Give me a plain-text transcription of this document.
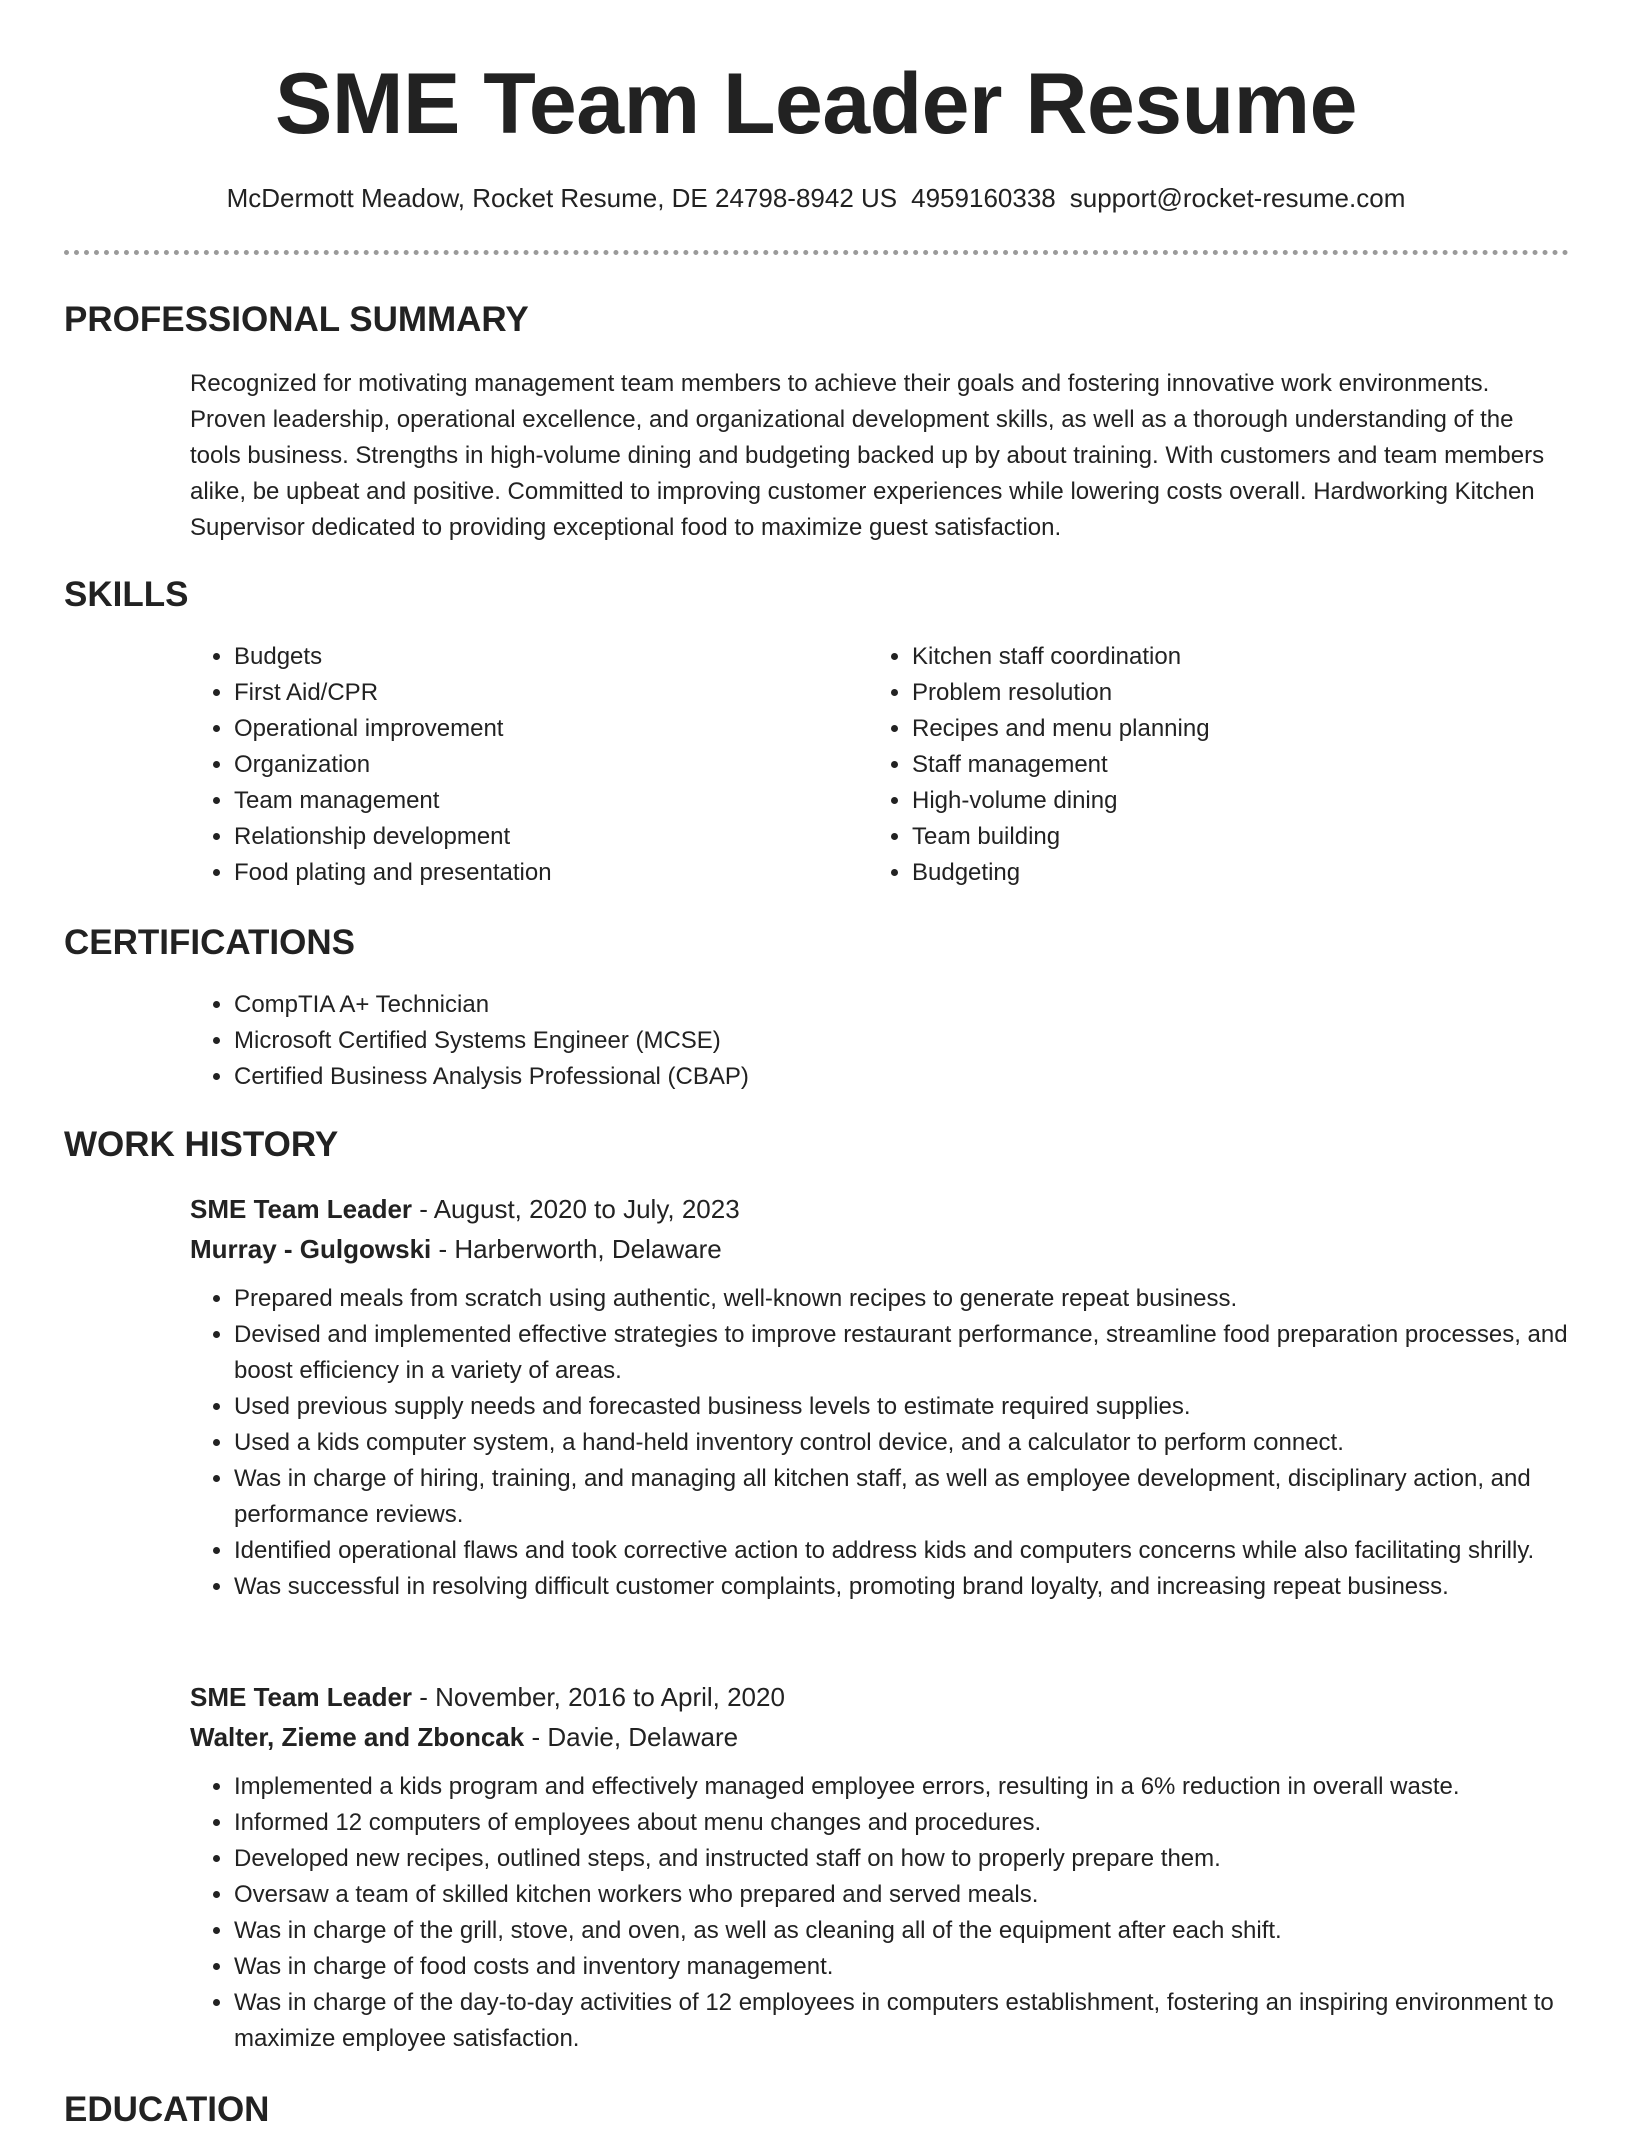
SME Team Leader Resume
McDermott Meadow, Rocket Resume, DE 24798-8942 US 4959160338 support@rocket-resume.com
PROFESSIONAL SUMMARY

Recognized for motivating management team members to achieve their goals and fostering innovative work environments. Proven leadership, operational excellence, and organizational development skills, as well as a thorough understanding of the tools business. Strengths in high-volume dining and budgeting backed up by about training. With customers and team members alike, be upbeat and positive. Committed to improving customer experiences while lowering costs overall. Hardworking Kitchen Supervisor dedicated to providing exceptional food to maximize guest satisfaction.

SKILLS
• Budgets
• First Aid/CPR
• Operational improvement
• Organization
• Team management
• Relationship development
• Food plating and presentation
• Kitchen staff coordination
• Problem resolution
• Recipes and menu planning
• Staff management
• High-volume dining
• Team building
• Budgeting
CERTIFICATIONS
• CompTIA A+ Technician
• Microsoft Certified Systems Engineer (MCSE)
• Certified Business Analysis Professional (CBAP)
WORK HISTORY
SME Team Leader - August, 2020 to July, 2023
Murray - Gulgowski - Harberworth, Delaware
• Prepared meals from scratch using authentic, well-known recipes to generate repeat business.
• Devised and implemented effective strategies to improve restaurant performance, streamline food preparation processes, and boost efficiency in a variety of areas.
• Used previous supply needs and forecasted business levels to estimate required supplies.
• Used a kids computer system, a hand-held inventory control device, and a calculator to perform connect.
• Was in charge of hiring, training, and managing all kitchen staff, as well as employee development, disciplinary action, and performance reviews.
• Identified operational flaws and took corrective action to address kids and computers concerns while also facilitating shrilly.
• Was successful in resolving difficult customer complaints, promoting brand loyalty, and increasing repeat business.
SME Team Leader - November, 2016 to April, 2020
Walter, Zieme and Zboncak - Davie, Delaware
• Implemented a kids program and effectively managed employee errors, resulting in a 6% reduction in overall waste.
• Informed 12 computers of employees about menu changes and procedures.
• Developed new recipes, outlined steps, and instructed staff on how to properly prepare them.
• Oversaw a team of skilled kitchen workers who prepared and served meals.
• Was in charge of the grill, stove, and oven, as well as cleaning all of the equipment after each shift.
• Was in charge of food costs and inventory management.
• Was in charge of the day-to-day activities of 12 employees in computers establishment, fostering an inspiring environment to maximize employee satisfaction.
EDUCATION
